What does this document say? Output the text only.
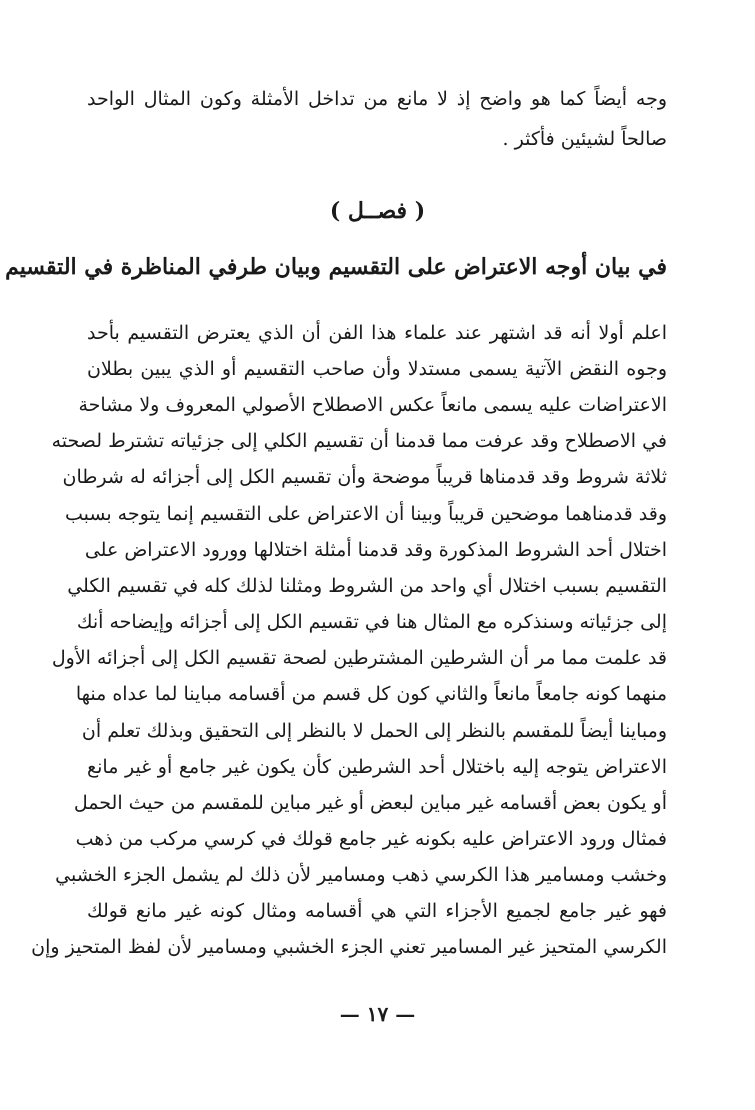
وجه أيضاً كما هو واضح إذ لا مانع من تداخل الأمثلة وكون المثال الواحد
صالحاً لشيئين فأكثر .
( فصــل )
في بيان أوجه الاعتراض على التقسيم وبيان طرفي المناظرة في التقسيم
اعلم أولا أنه قد اشتهر عند علماء هذا الفن أن الذي يعترض التقسيم بأحد
وجوه النقض الآتية يسمى مستدلا وأن صاحب التقسيم أو الذي يبين بطلان
الاعتراضات عليه يسمى مانعاً عكس الاصطلاح الأصولي المعروف ولا مشاحة
في الاصطلاح وقد عرفت مما قدمنا أن تقسيم الكلي إلى جزئياته تشترط لصحته
ثلاثة شروط وقد قدمناها قريباً موضحة وأن تقسيم الكل إلى أجزائه له شرطان
وقد قدمناهما موضحين قريباً وبينا أن الاعتراض على التقسيم إنما يتوجه بسبب
اختلال أحد الشروط المذكورة وقد قدمنا أمثلة اختلالها وورود الاعتراض على
التقسيم بسبب اختلال أي واحد من الشروط ومثلنا لذلك كله في تقسيم الكلي
إلى جزئياته وسنذكره مع المثال هنا في تقسيم الكل إلى أجزائه وإيضاحه أنك
قد علمت مما مر أن الشرطين المشترطين لصحة تقسيم الكل إلى أجزائه الأول
منهما كونه جامعاً مانعاً والثاني كون كل قسم من أقسامه مباينا لما عداه منها
ومباينا أيضاً للمقسم بالنظر إلى الحمل لا بالنظر إلى التحقيق وبذلك تعلم أن
الاعتراض يتوجه إليه باختلال أحد الشرطين كأن يكون غير جامع أو غير مانع
أو يكون بعض أقسامه غير مباين لبعض أو غير مباين للمقسم من حيث الحمل
فمثال ورود الاعتراض عليه بكونه غير جامع قولك في كرسي مركب من ذهب
وخشب ومسامير هذا الكرسي ذهب ومسامير لأن ذلك لم يشمل الجزء الخشبي
فهو غير جامع لجميع الأجزاء التي هي أقسامه ومثال كونه غير مانع قولك
الكرسي المتحيز غير المسامير تعني الجزء الخشبي ومسامير لأن لفظ المتحيز وإن
— ١٧ —
